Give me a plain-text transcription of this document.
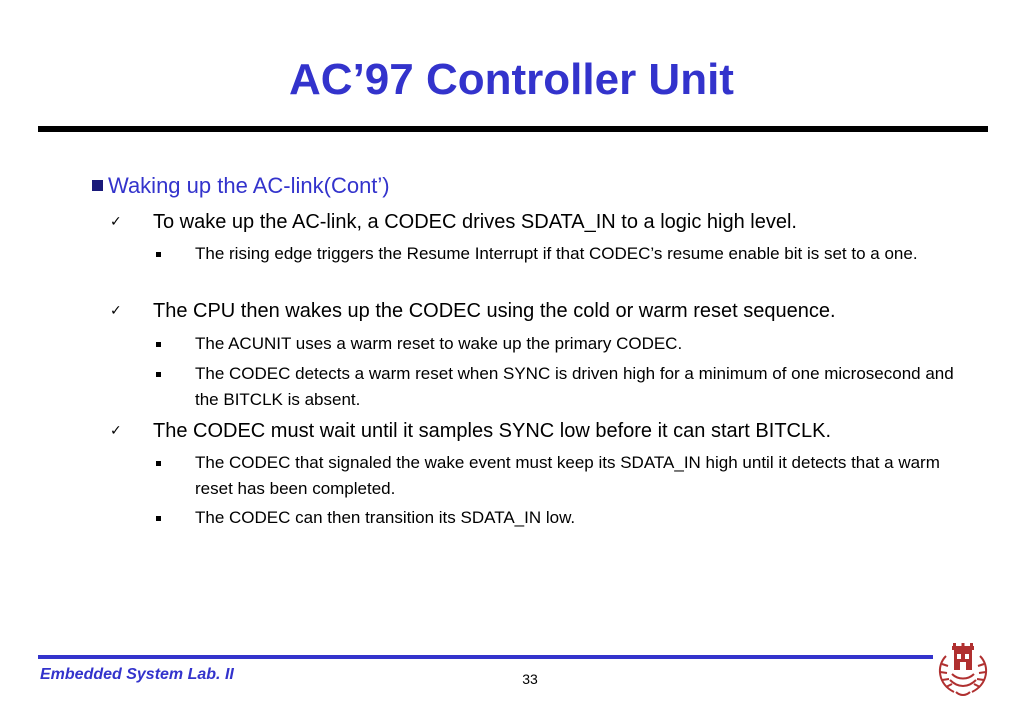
AC’97 Controller Unit
Waking up the AC-link(Cont’)
✓ To wake up the AC-link, a CODEC drives SDATA_IN to a logic high level.
The rising edge triggers the Resume Interrupt if that CODEC’s resume enable bit is set to a one.
✓ The CPU then wakes up the CODEC using the cold or warm reset sequence.
The ACUNIT uses a warm reset to wake up the primary CODEC.
The CODEC detects a warm reset when SYNC is driven high for a minimum of one microsecond and the BITCLK is absent.
✓ The CODEC must wait until it samples SYNC low before it can start BITCLK.
The CODEC that signaled the wake event must keep its SDATA_IN high until it detects that a warm reset has been completed.
The CODEC can then transition its SDATA_IN low.
Embedded System Lab. II	33
